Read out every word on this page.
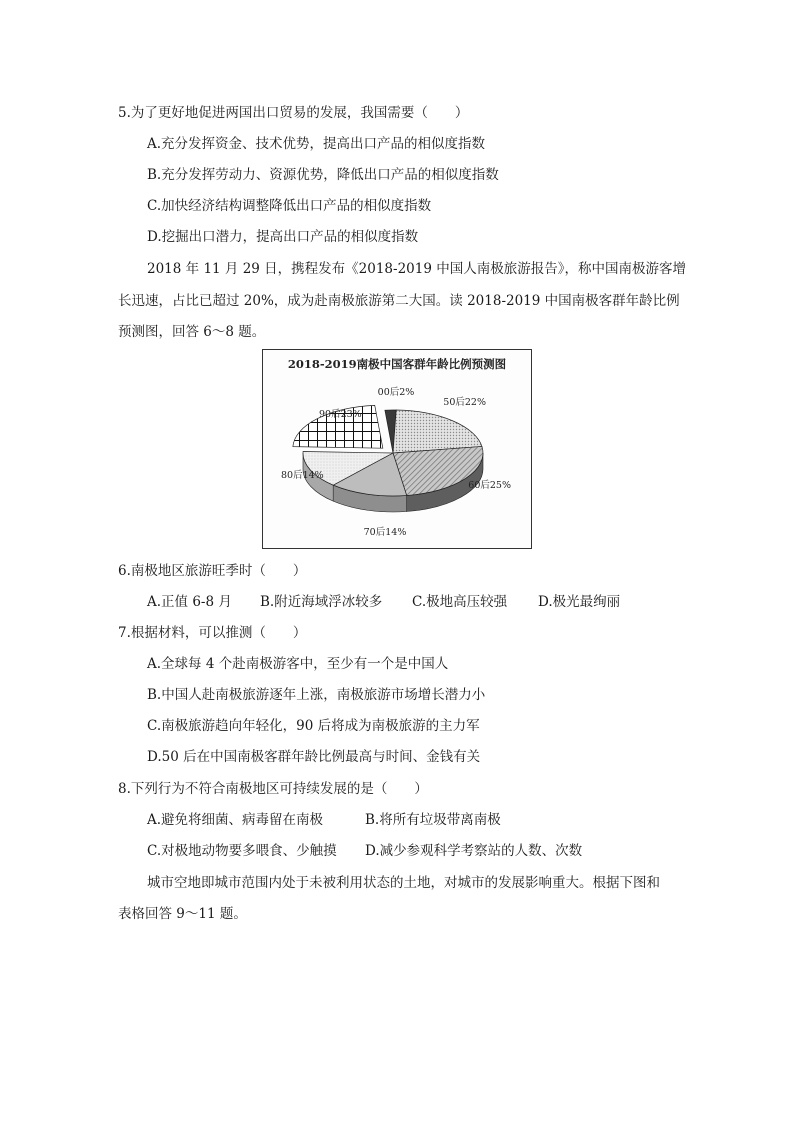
5.为了更好地促进两国出口贸易的发展，我国需要（　　）
A.充分发挥资金、技术优势，提高出口产品的相似度指数
B.充分发挥劳动力、资源优势，降低出口产品的相似度指数
C.加快经济结构调整降低出口产品的相似度指数
D.挖掘出口潜力，提高出口产品的相似度指数
2018 年 11 月 29 日，携程发布《2018-2019 中国人南极旅游报告》，称中国南极游客增
长迅速，占比已超过 20%，成为赴南极旅游第二大国。读 2018-2019 中国南极客群年龄比例
预测图，回答 6～8 题。
2018-2019南极中国客群年龄比例预测图
00后2%
50后22%
60后25%
70后14%
80后14%
90后23%
6.南极地区旅游旺季时（　　）
A.正值 6-8 月 B.附近海域浮冰较多 C.极地高压较强 D.极光最绚丽
7.根据材料，可以推测（　　）
A.全球每 4 个赴南极游客中，至少有一个是中国人
B.中国人赴南极旅游逐年上涨，南极旅游市场增长潜力小
C.南极旅游趋向年轻化，90 后将成为南极旅游的主力军
D.50 后在中国南极客群年龄比例最高与时间、金钱有关
8.下列行为不符合南极地区可持续发展的是（　　）
A.避免将细菌、病毒留在南极	B.将所有垃圾带离南极
C.对极地动物要多喂食、少触摸 D.减少参观科学考察站的人数、次数
城市空地即城市范围内处于未被利用状态的土地，对城市的发展影响重大。根据下图和
表格回答 9～11 题。
